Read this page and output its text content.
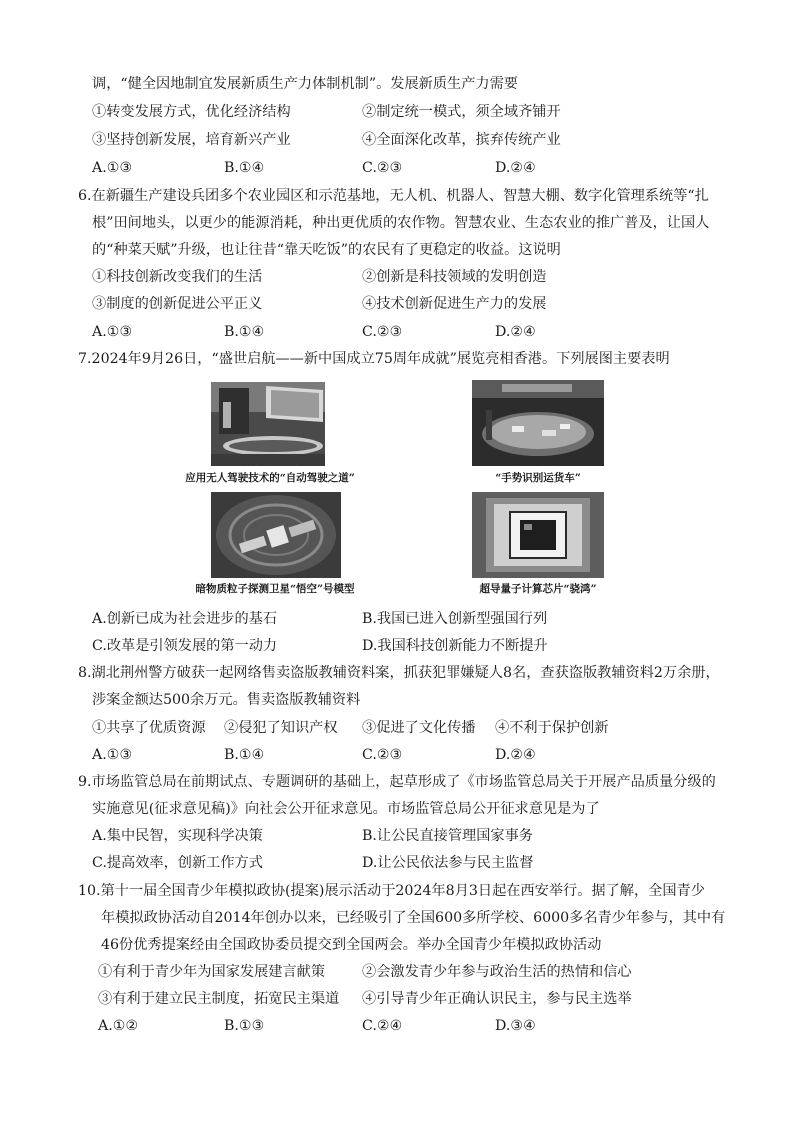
调，“健全因地制宜发展新质生产力体制机制”。发展新质生产力需要
①转变发展方式，优化经济结构	②制定统一模式，须全域齐铺开
③坚持创新发展，培育新兴产业	④全面深化改革，摈弃传统产业
A.①③	B.①④	C.②③	D.②④
6.在新疆生产建设兵团多个农业园区和示范基地，无人机、机器人、智慧大棚、数字化管理系统等“扎
根”田间地头，以更少的能源消耗，种出更优质的农作物。智慧农业、生态农业的推广普及，让国人
的“种菜天赋”升级，也让往昔“靠天吃饭”的农民有了更稳定的收益。这说明
①科技创新改变我们的生活	②创新是科技领域的发明创造
③制度的创新促进公平正义	④技术创新促进生产力的发展
A.①③	B.①④	C.②③	D.②④
7.2024年9月26日，“盛世启航——新中国成立75周年成就”展览亮相香港。下列展图主要表明
应用无人驾驶技术的“自动驾驶之道”	“手势识别运货车”
暗物质粒子探测卫星“悟空”号模型	超导量子计算芯片“骁鸿”
A.创新已成为社会进步的基石	B.我国已进入创新型强国行列
C.改革是引领发展的第一动力	D.我国科技创新能力不断提升
8.湖北荆州警方破获一起网络售卖盗版教辅资料案，抓获犯罪嫌疑人8名，查获盗版教辅资料2万余册，
涉案金额达500余万元。售卖盗版教辅资料
①共享了优质资源 ②侵犯了知识产权 ③促进了文化传播 ④不利于保护创新
A.①③	B.①④	C.②③	D.②④
9.市场监管总局在前期试点、专题调研的基础上，起草形成了《市场监管总局关于开展产品质量分级的
实施意见(征求意见稿)》向社会公开征求意见。市场监管总局公开征求意见是为了
A.集中民智，实现科学决策	B.让公民直接管理国家事务
C.提高效率，创新工作方式	D.让公民依法参与民主监督
10.第十一届全国青少年模拟政协(提案)展示活动于2024年8月3日起在西安举行。据了解，全国青少
年模拟政协活动自2014年创办以来，已经吸引了全国600多所学校、6000多名青少年参与，其中有
46份优秀提案经由全国政协委员提交到全国两会。举办全国青少年模拟政协活动
①有利于青少年为国家发展建言献策	②会激发青少年参与政治生活的热情和信心
③有利于建立民主制度，拓宽民主渠道 ④引导青少年正确认识民主，参与民主选举
A.①②	B.①③	C.②④	D.③④
